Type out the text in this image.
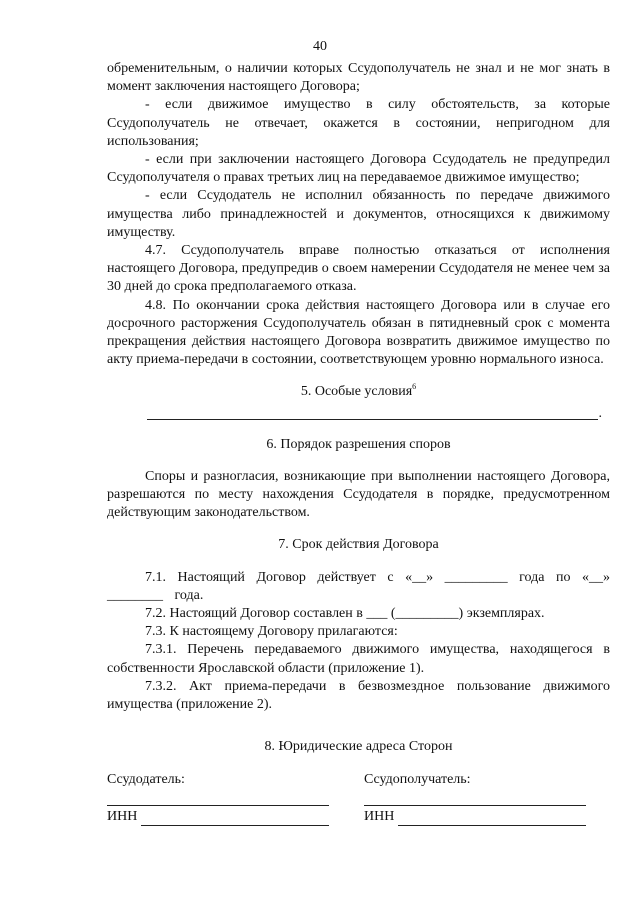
40

обременительным, о наличии которых Ссудополучатель не знал и не мог знать в момент заключения настоящего Договора;

- если движимое имущество в силу обстоятельств, за которые Ссудополучатель не отвечает, окажется в состоянии, непригодном для использования;

- если при заключении настоящего Договора Ссудодатель не предупредил Ссудополучателя о правах третьих лиц на передаваемое движимое имущество;

- если Ссудодатель не исполнил обязанность по передаче движимого имущества либо принадлежностей и документов, относящихся к движимому имуществу.

4.7. Ссудополучатель вправе полностью отказаться от исполнения настоящего Договора, предупредив о своем намерении Ссудодателя не менее чем за 30 дней до срока предполагаемого отказа.

4.8. По окончании срока действия настоящего Договора или в случае его досрочного расторжения Ссудополучатель обязан в пятидневный срок с момента прекращения действия настоящего Договора возвратить движимое имущество по акту приема-передачи в состоянии, соответствующем уровню нормального износа.

5. Особые условия$^6$
.
6. Порядок разрешения споров

Споры и разногласия, возникающие при выполнении настоящего Договора, разрешаются по месту нахождения Ссудодателя в порядке, предусмотренном действующим законодательством.

7. Срок действия Договора

7.1. Настоящий Договор действует с «__» _________ года по «__» ________ года.

7.2. Настоящий Договор составлен в ___ (_________) экземплярах.

7.3. К настоящему Договору прилагаются:

7.3.1. Перечень передаваемого движимого имущества, находящегося в собственности Ярославской области (приложение 1).

7.3.2. Акт приема-передачи в безвозмездное пользование движимого имущества (приложение 2).

8. Юридические адреса Сторон
Ссудодатель:
ИНН
Ссудополучатель:
ИНН
